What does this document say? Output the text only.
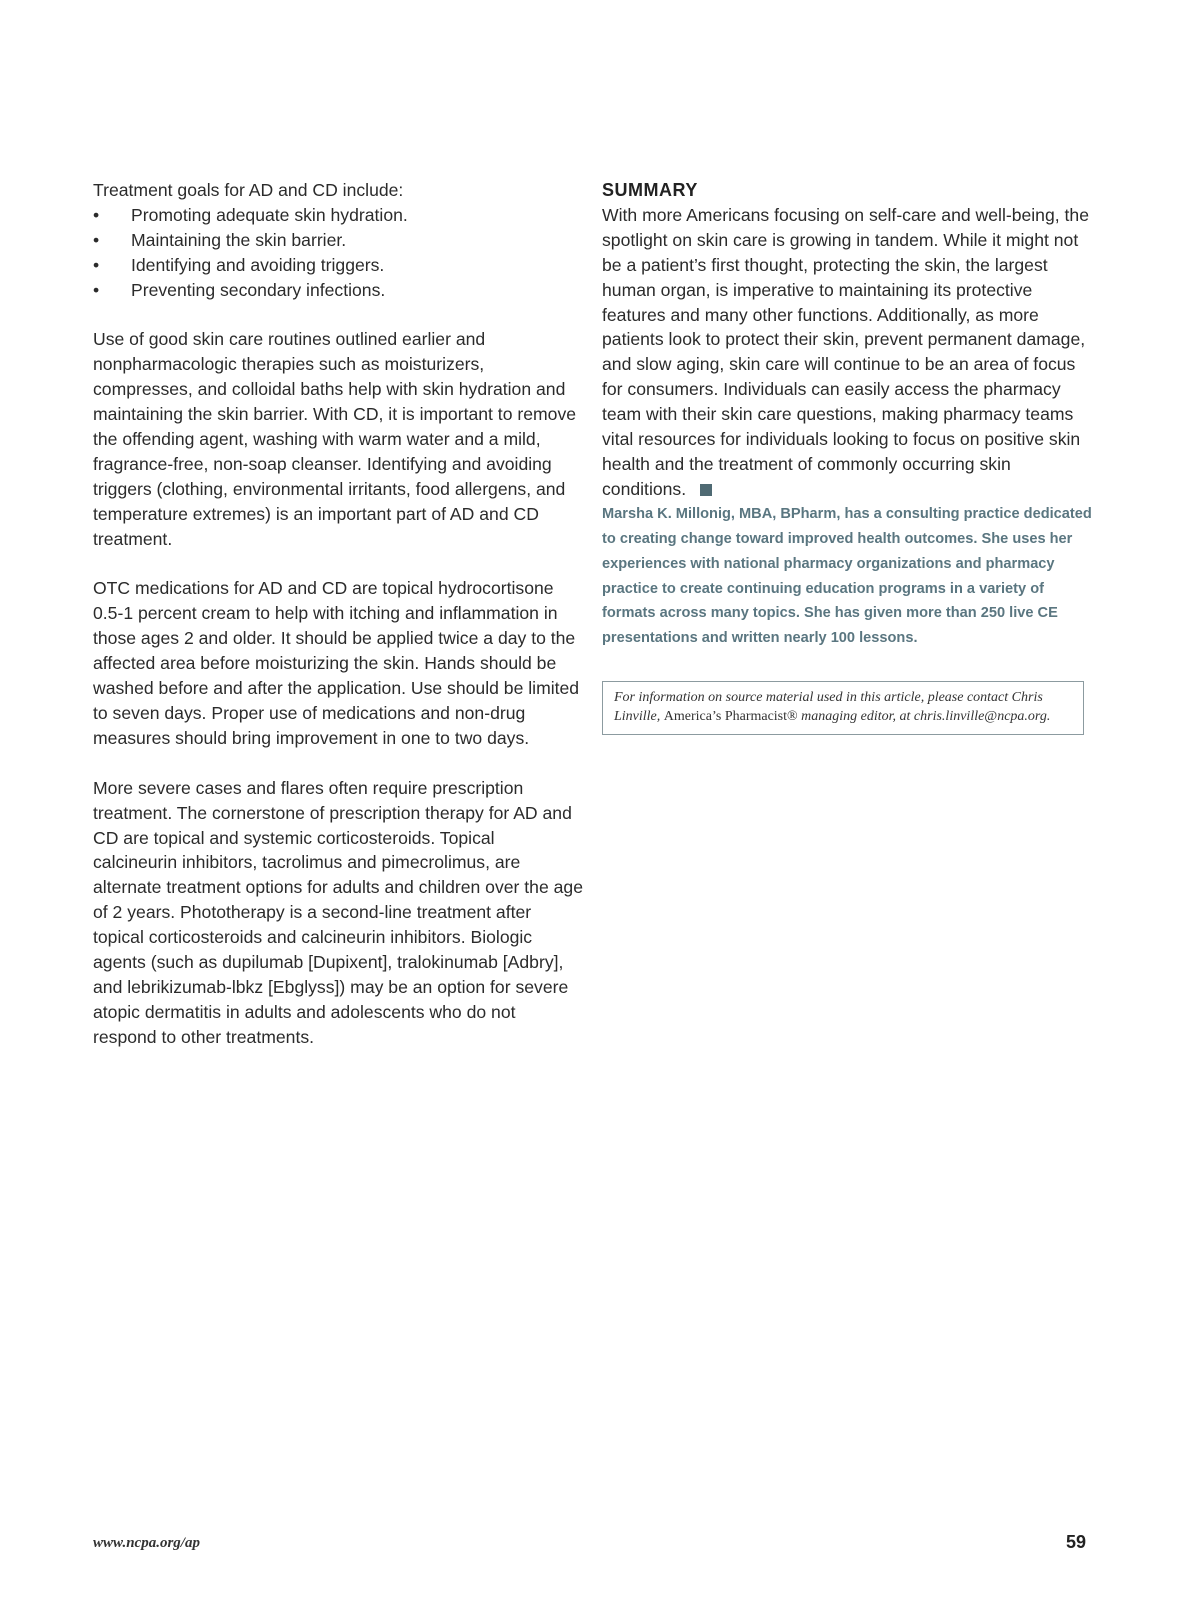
Treatment goals for AD and CD include:

• Promoting adequate skin hydration.
• Maintaining the skin barrier.
• Identifying and avoiding triggers.
• Preventing secondary infections.

Use of good skin care routines outlined earlier and nonpharmacologic therapies such as moisturizers, compresses, and colloidal baths help with skin hydration and maintaining the skin barrier. With CD, it is important to remove the offending agent, washing with warm water and a mild, fragrance-free, non-soap cleanser. Identifying and avoiding triggers (clothing, environmental irritants, food allergens, and temperature extremes) is an important part of AD and CD treatment.

OTC medications for AD and CD are topical hydrocortisone 0.5-1 percent cream to help with itching and inflammation in those ages 2 and older. It should be applied twice a day to the affected area before moisturizing the skin. Hands should be washed before and after the application. Use should be limited to seven days. Proper use of medications and non-drug measures should bring improvement in one to two days.

More severe cases and flares often require prescription treatment. The cornerstone of prescription therapy for AD and CD are topical and systemic corticosteroids. Topical calcineurin inhibitors, tacrolimus and pimecrolimus, are alternate treatment options for adults and children over the age of 2 years. Phototherapy is a second-line treatment after topical corticosteroids and calcineurin inhibitors. Biologic agents (such as dupilumab [Dupixent], tralokinumab [Adbry], and lebrikizumab-lbkz [Ebglyss]) may be an option for severe atopic dermatitis in adults and adolescents who do not respond to other treatments.

SUMMARY

With more Americans focusing on self-care and well-being, the spotlight on skin care is growing in tandem. While it might not be a patient’s first thought, protecting the skin, the largest human organ, is imperative to maintaining its protective features and many other functions. Additionally, as more patients look to protect their skin, prevent permanent damage, and slow aging, skin care will continue to be an area of focus for consumers. Individuals can easily access the pharmacy team with their skin care questions, making pharmacy teams vital resources for individuals looking to focus on positive skin health and the treatment of commonly occurring skin conditions.

Marsha K. Millonig, MBA, BPharm, has a consulting practice dedicated to creating change toward improved health outcomes. She uses her experiences with national pharmacy organizations and pharmacy practice to create continuing education programs in a variety of formats across many topics. She has given more than 250 live CE presentations and written nearly 100 lessons.

For information on source material used in this article, please contact Chris Linville, America’s Pharmacist® managing editor, at chris.linville@ncpa.org.
www.ncpa.org/ap	59
